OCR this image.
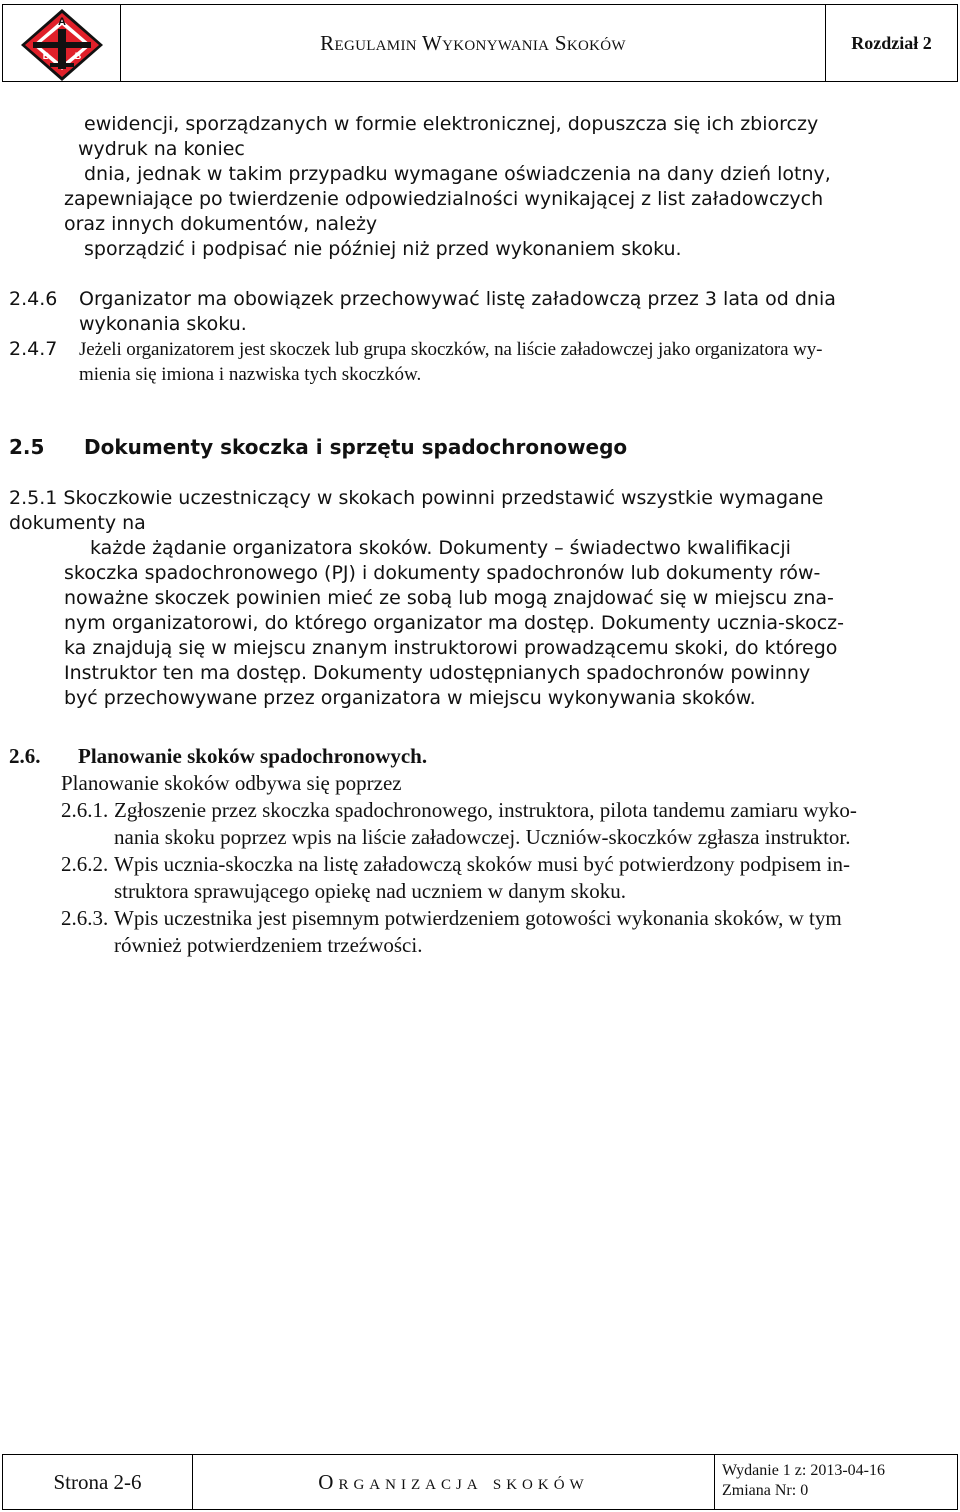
A
B	B
Regulamin Wykonywania Skoków	Rozdział 2
ewidencji, sporządzanych w formie elektronicznej, dopuszcza się ich zbiorczy
wydruk na koniec
dnia, jednak w takim przypadku wymagane oświadczenia na dany dzień lotny,
zapewniające po twierdzenie odpowiedzialności wynikającej z list załadowczych
oraz innych dokumentów, należy
sporządzić i podpisać nie później niż przed wykonaniem skoku.
2.4.6 Organizator ma obowiązek przechowywać listę załadowczą przez 3 lata od dnia
wykonania skoku.
2.4.7 Jeżeli organizatorem jest skoczek lub grupa skoczków, na liście załadowczej jako organizatora wy-
mienia się imiona i nazwiska tych skoczków.
2.5 Dokumenty skoczka i sprzętu spadochronowego
2.5.1 Skoczkowie uczestniczący w skokach powinni przedstawić wszystkie wymagane
dokumenty na
każde żądanie organizatora skoków. Dokumenty – świadectwo kwalifikacji
skoczka spadochronowego (PJ) i dokumenty spadochronów lub dokumenty rów-
noważne skoczek powinien mieć ze sobą lub mogą znajdować się w miejscu zna-
nym organizatorowi, do którego organizator ma dostęp. Dokumenty ucznia-skocz-
ka znajdują się w miejscu znanym instruktorowi prowadzącemu skoki, do którego
Instruktor ten ma dostęp. Dokumenty udostępnianych spadochronów powinny
być przechowywane przez organizatora w miejscu wykonywania skoków.
2.6. Planowanie skoków spadochronowych.
Planowanie skoków odbywa się poprzez
2.6.1. Zgłoszenie przez skoczka spadochronowego, instruktora, pilota tandemu zamiaru wyko-
nania skoku poprzez wpis na liście załadowczej. Uczniów-skoczków zgłasza instruktor.
2.6.2. Wpis ucznia-skoczka na listę załadowczą skoków musi być potwierdzony podpisem in-
struktora sprawującego opiekę nad uczniem w danym skoku.
2.6.3. Wpis uczestnika jest pisemnym potwierdzeniem gotowości wykonania skoków, w tym
również potwierdzeniem trzeźwości.
Strona 2-6	Organizacja skoków	Wydanie 1 z: 2013-04-16
Zmiana Nr: 0
